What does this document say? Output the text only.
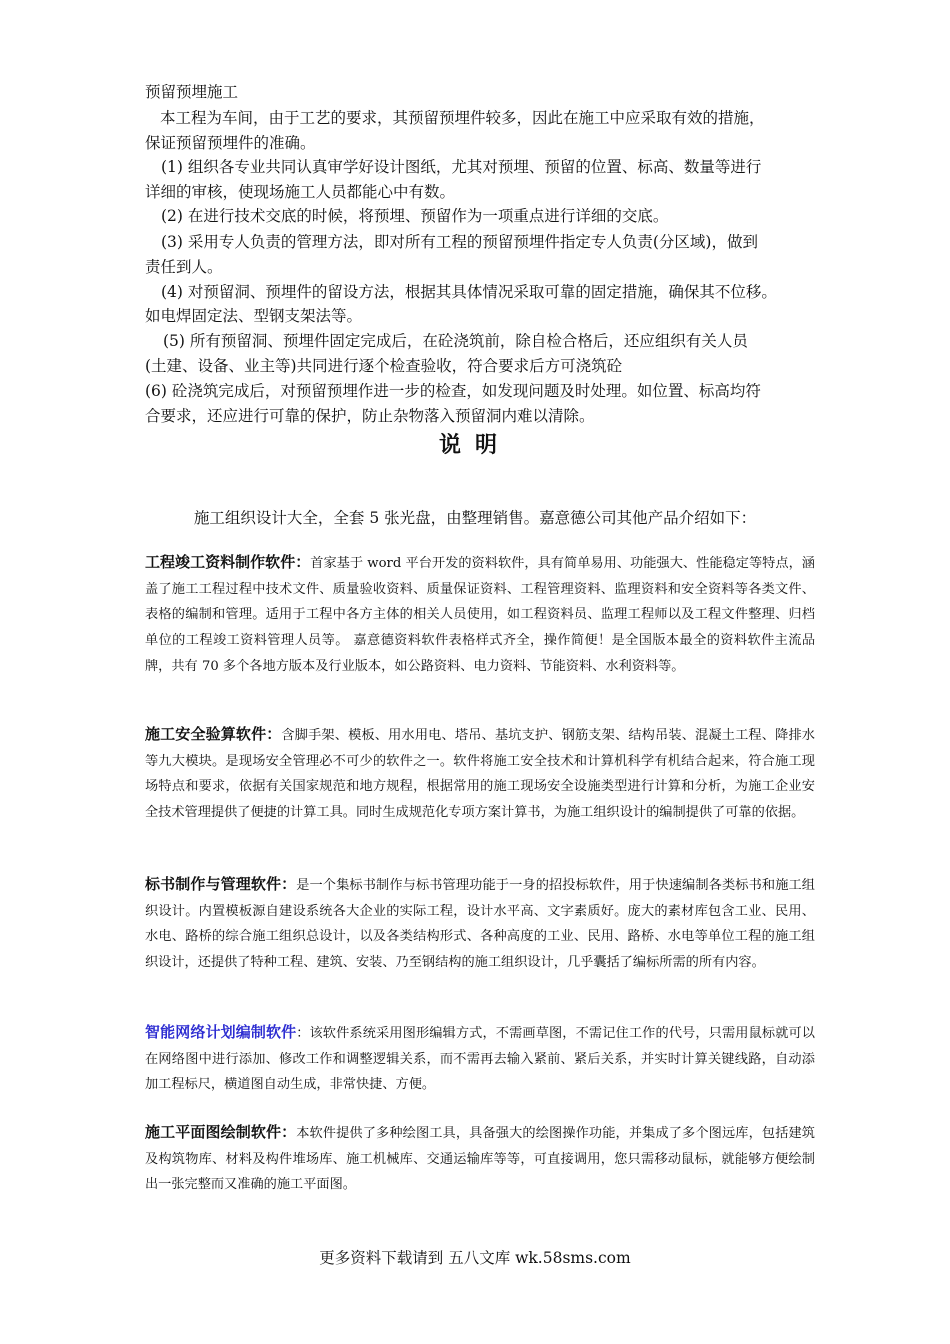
预留预埋施工
本工程为车间，由于工艺的要求，其预留预埋件较多，因此在施工中应采取有效的措施，
保证预留预埋件的准确。
(1) 组织各专业共同认真审学好设计图纸，尤其对预埋、预留的位置、标高、数量等进行
详细的审核，使现场施工人员都能心中有数。
(2) 在进行技术交底的时候，将预埋、预留作为一项重点进行详细的交底。
(3) 采用专人负责的管理方法，即对所有工程的预留预埋件指定专人负责(分区域)，做到
责任到人。
(4) 对预留洞、预埋件的留设方法，根据其具体情况采取可靠的固定措施，确保其不位移。
如电焊固定法、型钢支架法等。
(5) 所有预留洞、预埋件固定完成后，在砼浇筑前，除自检合格后，还应组织有关人员
(土建、设备、业主等)共同进行逐个检查验收，符合要求后方可浇筑砼
(6) 砼浇筑完成后，对预留预埋作进一步的检查，如发现问题及时处理。如位置、标高均符
合要求，还应进行可靠的保护，防止杂物落入预留洞内难以清除。
说明
施工组织设计大全，全套 5 张光盘，由整理销售。嘉意德公司其他产品介绍如下：
工程竣工资料制作软件：首家基于 word 平台开发的资料软件，具有简单易用、功能强大、性能稳定等特点，涵盖了施工工程过程中技术文件、质量验收资料、质量保证资料、工程管理资料、监理资料和安全资料等各类文件、表格的编制和管理。适用于工程中各方主体的相关人员使用，如工程资料员、监理工程师以及工程文件整理、归档单位的工程竣工资料管理人员等。 嘉意德资料软件表格样式齐全，操作简便！是全国版本最全的资料软件主流品牌，共有 70 多个各地方版本及行业版本，如公路资料、电力资料、节能资料、水利资料等。
施工安全验算软件：含脚手架、模板、用水用电、塔吊、基坑支护、钢筋支架、结构吊装、混凝土工程、降排水等九大模块。是现场安全管理必不可少的软件之一。软件将施工安全技术和计算机科学有机结合起来，符合施工现场特点和要求，依据有关国家规范和地方规程，根据常用的施工现场安全设施类型进行计算和分析，为施工企业安全技术管理提供了便捷的计算工具。同时生成规范化专项方案计算书，为施工组织设计的编制提供了可靠的依据。
标书制作与管理软件：是一个集标书制作与标书管理功能于一身的招投标软件，用于快速编制各类标书和施工组织设计。内置模板源自建设系统各大企业的实际工程，设计水平高、文字素质好。庞大的素材库包含工业、民用、水电、路桥的综合施工组织总设计，以及各类结构形式、各种高度的工业、民用、路桥、水电等单位工程的施工组织设计，还提供了特种工程、建筑、安装、乃至钢结构的施工组织设计，几乎囊括了编标所需的所有内容。
智能网络计划编制软件：该软件系统采用图形编辑方式，不需画草图，不需记住工作的代号，只需用鼠标就可以在网络图中进行添加、修改工作和调整逻辑关系，而不需再去输入紧前、紧后关系，并实时计算关键线路，自动添加工程标尺，横道图自动生成，非常快捷、方便。
施工平面图绘制软件：本软件提供了多种绘图工具，具备强大的绘图操作功能，并集成了多个图远库，包括建筑及构筑物库、材料及构件堆场库、施工机械库、交通运输库等等，可直接调用，您只需移动鼠标，就能够方便绘制出一张完整而又准确的施工平面图。
更多资料下载请到 五八文库 wk.58sms.com
